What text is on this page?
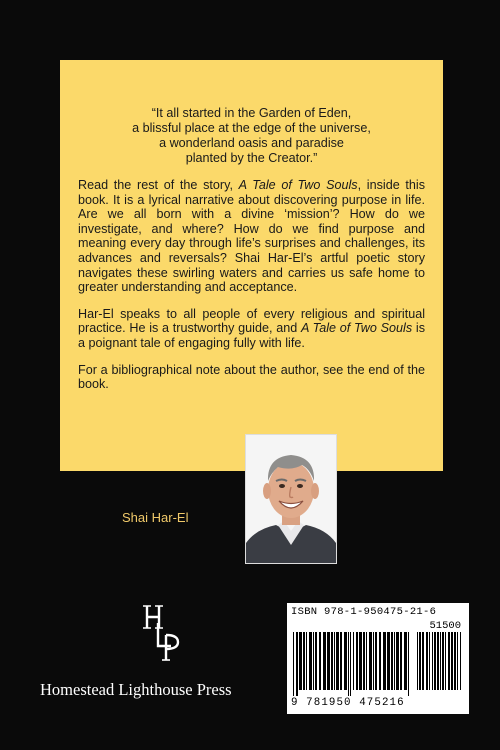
“It all started in the Garden of Eden,
a blissful place at the edge of the universe,
a wonderland oasis and paradise
planted by the Creator.”

Read the rest of the story, A Tale of Two Souls, inside this book. It is a lyrical narrative about discovering purpose in life. Are we all born with a divine ‘mission’? How do we investigate, and where? How do we find purpose and meaning every day through life’s surprises and challenges, its advances and reversals? Shai Har-El’s artful poetic story navigates these swirling waters and carries us safe home to greater understanding and acceptance.

Har-El speaks to all people of every religious and spiritual practice. He is a trustworthy guide, and A Tale of Two Souls is a poignant tale of engaging fully with life.

For a bibliographical note about the author, see the end of the book.

Shai Har-El
Homestead Lighthouse Press
ISBN 978-1-950475-21-6
51500
9 781950 475216
